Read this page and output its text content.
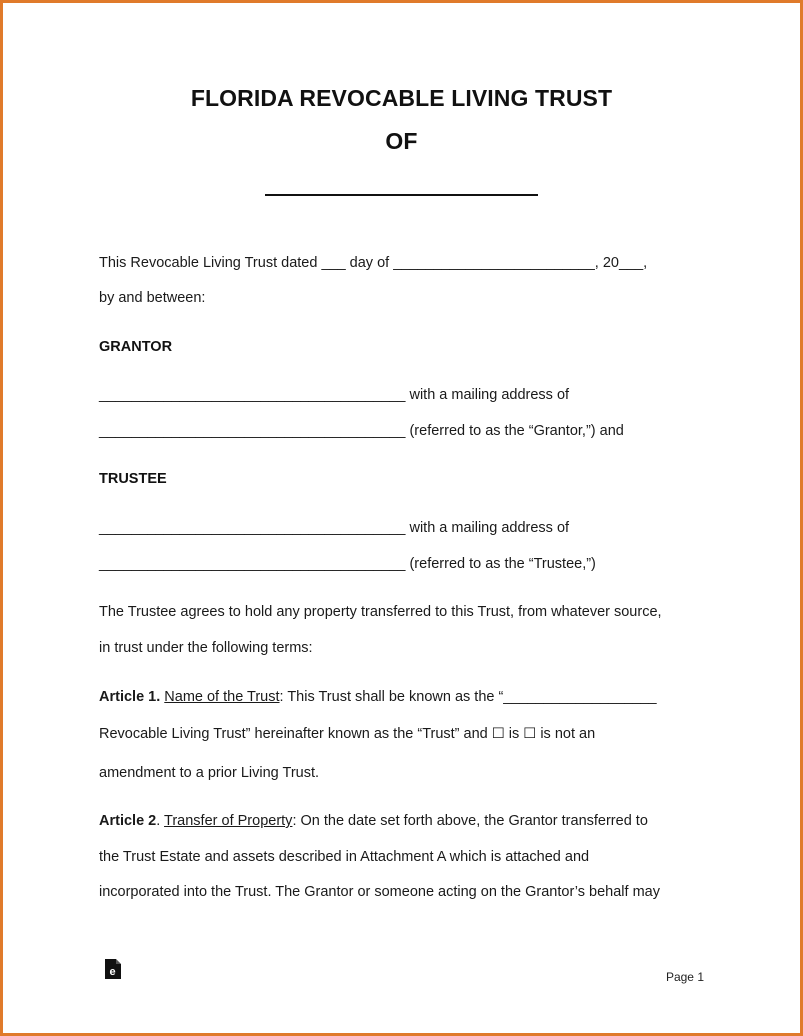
FLORIDA REVOCABLE LIVING TRUST
OF
This Revocable Living Trust dated ___ day of _________________________, 20___,
by and between:
GRANTOR
______________________________________ with a mailing address of
______________________________________ (referred to as the “Grantor,”) and
TRUSTEE
______________________________________ with a mailing address of
______________________________________ (referred to as the “Trustee,”)
The Trustee agrees to hold any property transferred to this Trust, from whatever source,
in trust under the following terms:
Article 1. Name of the Trust: This Trust shall be known as the “___________________
Revocable Living Trust” hereinafter known as the “Trust” and ☐ is ☐ is not an
amendment to a prior Living Trust.
Article 2. Transfer of Property: On the date set forth above, the Grantor transferred to
the Trust Estate and assets described in Attachment A which is attached and
incorporated into the Trust. The Grantor or someone acting on the Grantor’s behalf may
e	Page 1
